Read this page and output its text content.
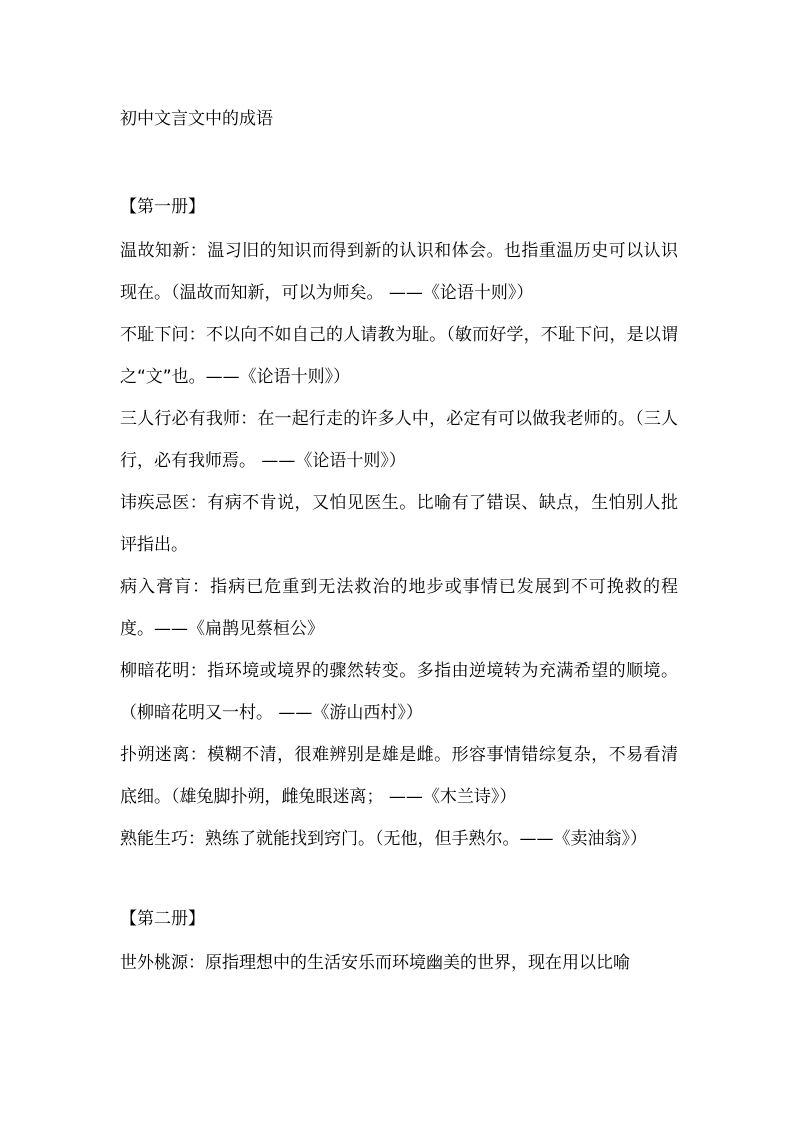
初中文言文中的成语

【第一册】

温故知新：温习旧的知识而得到新的认识和体会。也指重温历史可以认识现在。（温故而知新，可以为师矣。 ——《论语十则》）

不耻下问：不以向不如自己的人请教为耻。（敏而好学，不耻下问，是以谓之“文”也。——《论语十则》）

三人行必有我师：在一起行走的许多人中，必定有可以做我老师的。（三人行，必有我师焉。 ——《论语十则》）

讳疾忌医：有病不肯说，又怕见医生。比喻有了错误、缺点，生怕别人批评指出。

病入膏肓：指病已危重到无法救治的地步或事情已发展到不可挽救的程度。——《扁鹊见蔡桓公》

柳暗花明：指环境或境界的骤然转变。多指由逆境转为充满希望的顺境。（柳暗花明又一村。 ——《游山西村》）

扑朔迷离：模糊不清，很难辨别是雄是雌。形容事情错综复杂，不易看清底细。（雄兔脚扑朔，雌兔眼迷离； ——《木兰诗》）

熟能生巧：熟练了就能找到窍门。（无他，但手熟尔。——《卖油翁》）

【第二册】

世外桃源：原指理想中的生活安乐而环境幽美的世界，现在用以比喻
